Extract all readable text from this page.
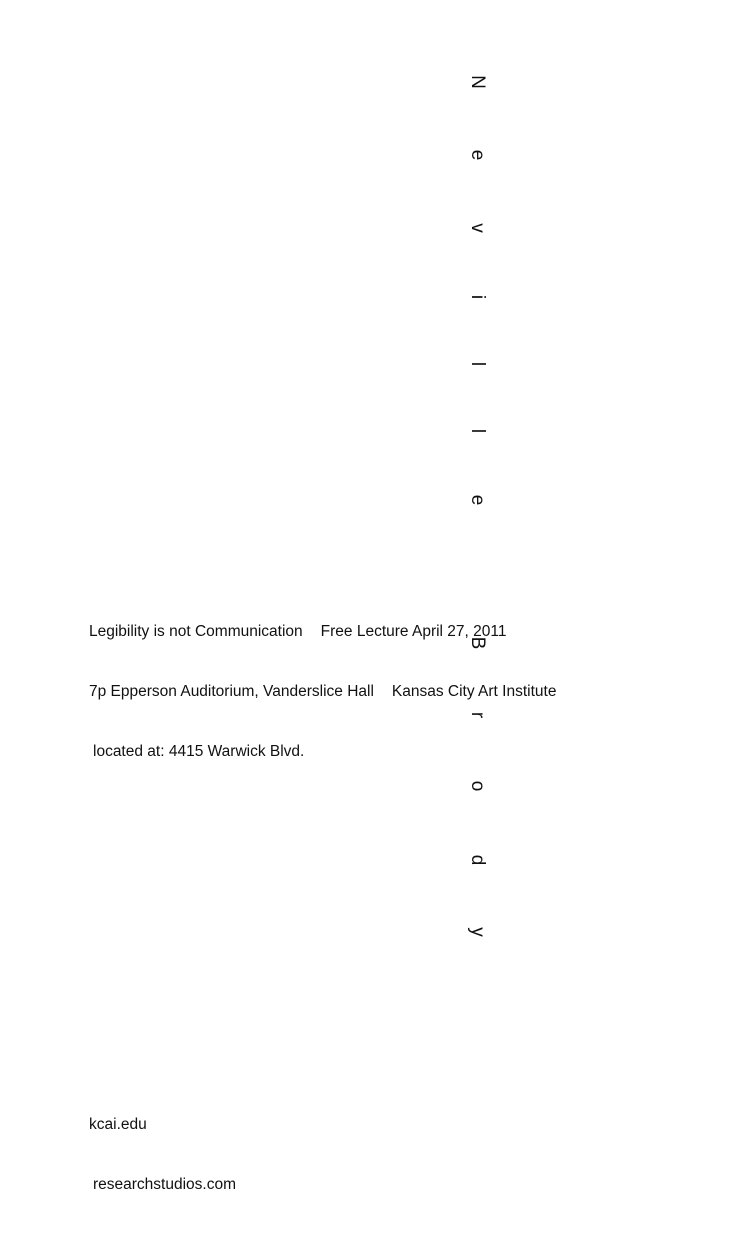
N
e
v
i
l
l
e
B
r
o
d
y

Legibility is not Communication Free Lecture April 27, 2011

7p Epperson Auditorium, Vanderslice Hall Kansas City Art Institute

located at: 4415 Warwick Blvd.

kcai.edu

researchstudios.com
